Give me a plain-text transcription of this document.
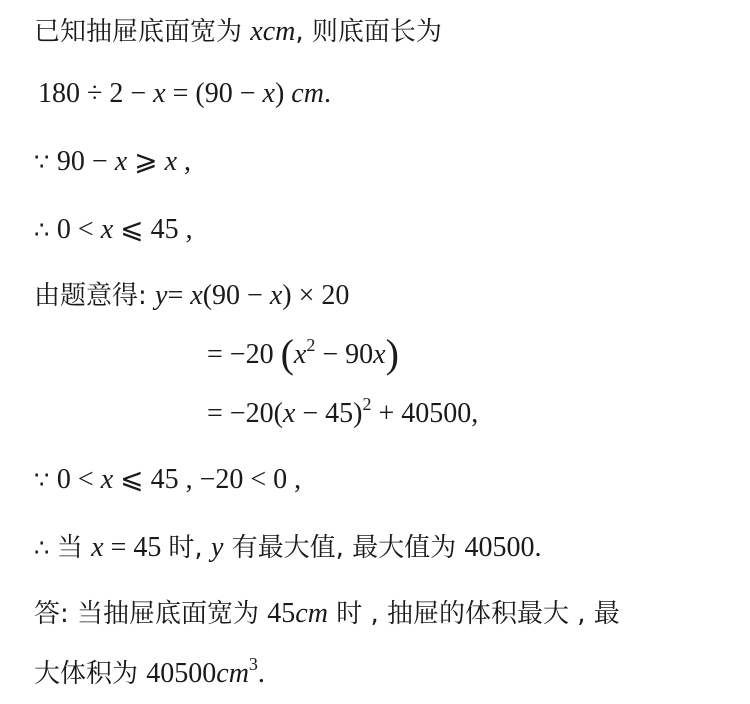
已知抽屉底面宽为 xcm, 则底面长为
180 ÷ 2 − x = (90 − x) cm.
∵ 90 − x ⩾ x ,
∴ 0 < x ⩽ 45 ,
由题意得: y= x(90 − x) × 20
= −20 $(x^2 - 90x)$
= $-20(x - 45)^2 + 40500$,
∵ 0 < x ⩽ 45 , −20 < 0 ,
∴ 当 x = 45 时, y 有最大值, 最大值为 40500.
答: 当抽屉底面宽为 45cm 时 , 抽屉的体积最大 , 最
大体积为 $40500cm^3$.
